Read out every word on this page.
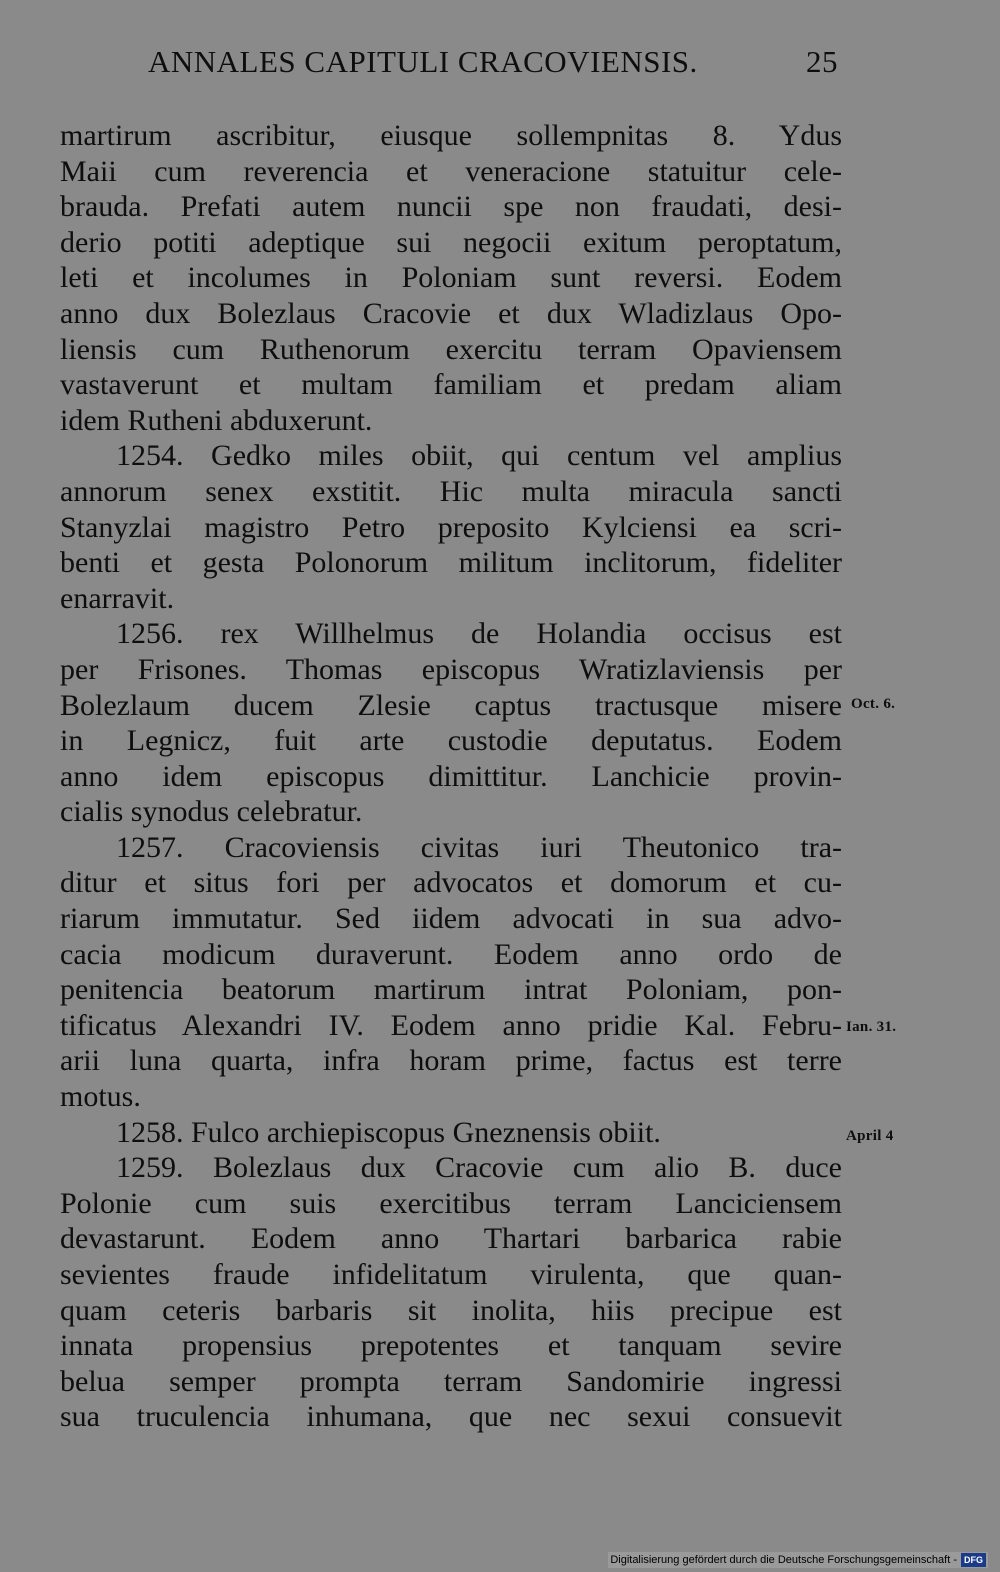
ANNALES CAPITULI CRACOVIENSIS.	25
martirum ascribitur, eiusque sollempnitas 8. Ydus
Maii cum reverencia et veneracione statuitur cele-
brauda. Prefati autem nuncii spe non fraudati, desi-
derio potiti adeptique sui negocii exitum peroptatum,
leti et incolumes in Poloniam sunt reversi. Eodem
anno dux Bolezlaus Cracovie et dux Wladizlaus Opo-
liensis cum Ruthenorum exercitu terram Opaviensem
vastaverunt et multam familiam et predam aliam
idem Rutheni abduxerunt.
1254. Gedko miles obiit, qui centum vel amplius
annorum senex exstitit. Hic multa miracula sancti
Stanyzlai magistro Petro preposito Kylciensi ea scri-
benti et gesta Polonorum militum inclitorum, fideliter
enarravit.
1256. rex Willhelmus de Holandia occisus est
per Frisones. Thomas episcopus Wratizlaviensis per
Bolezlaum ducem Zlesie captus tractusque misere
in Legnicz, fuit arte custodie deputatus. Eodem
anno idem episcopus dimittitur. Lanchicie provin-
cialis synodus celebratur.
1257. Cracoviensis civitas iuri Theutonico tra-
ditur et situs fori per advocatos et domorum et cu-
riarum immutatur. Sed iidem advocati in sua advo-
cacia modicum duraverunt. Eodem anno ordo de
penitencia beatorum martirum intrat Poloniam, pon-
tificatus Alexandri IV. Eodem anno pridie Kal. Febru-
arii luna quarta, infra horam prime, factus est terre
motus.
1258. Fulco archiepiscopus Gneznensis obiit.
1259. Bolezlaus dux Cracovie cum alio B. duce
Polonie cum suis exercitibus terram Lanciciensem
devastarunt. Eodem anno Thartari barbarica rabie
sevientes fraude infidelitatum virulenta, que quan-
quam ceteris barbaris sit inolita, hiis precipue est
innata propensius prepotentes et tanquam sevire
belua semper prompta terram Sandomirie ingressi
sua truculencia inhumana, que nec sexui consuevit
Oct. 6.
Ian. 31.
April 4
Digitalisierung gefördert durch die Deutsche Forschungsgemeinschaft - DFG
